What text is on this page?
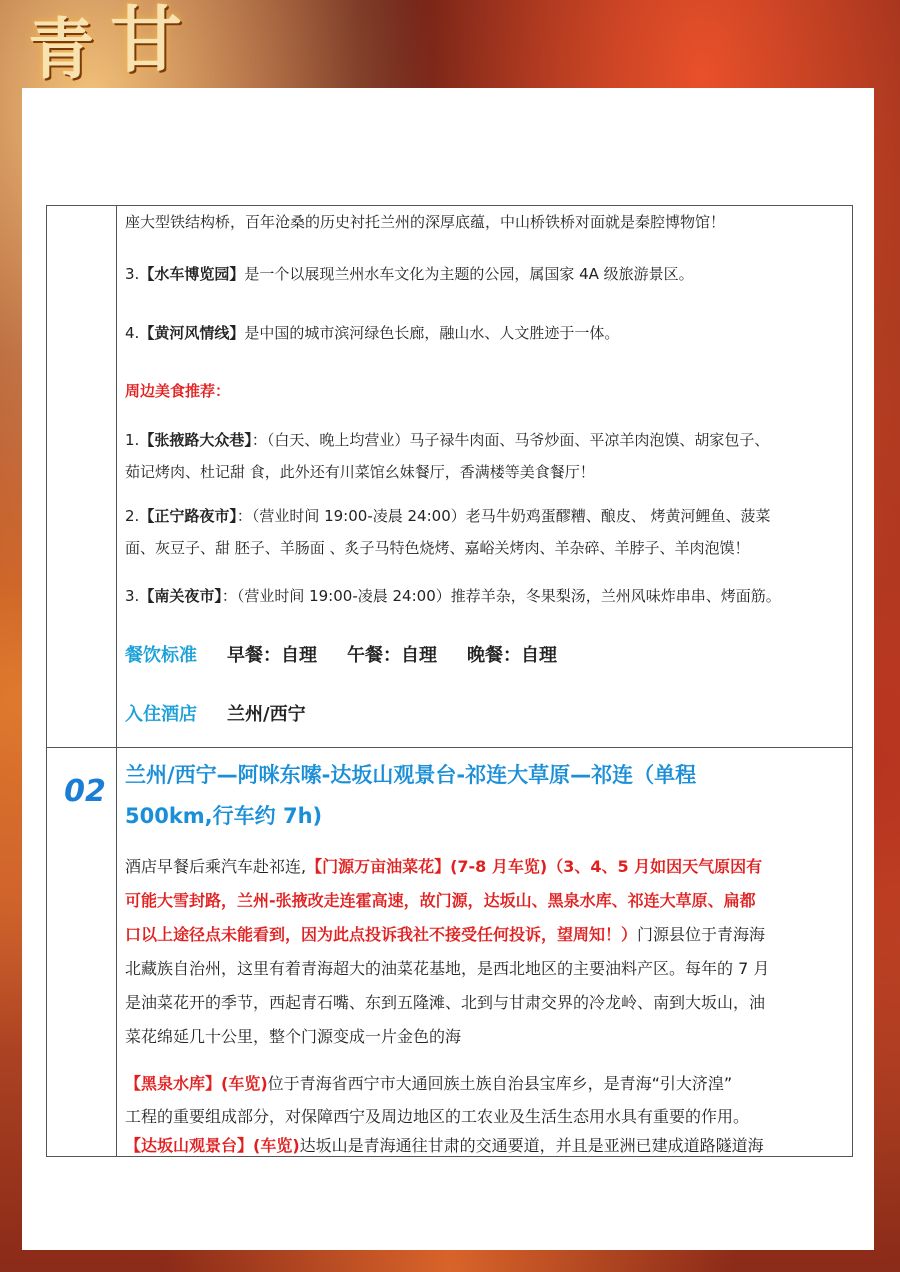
青 甘
座大型铁结构桥，百年沧桑的历史衬托兰州的深厚底蕴，中山桥铁桥对面就是秦腔博物馆！
3.【水车博览园】是一个以展现兰州水车文化为主题的公园，属国家 4A 级旅游景区。
4.【黄河风情线】是中国的城市滨河绿色长廊，融山水、人文胜迹于一体。
周边美食推荐：
1.【张掖路大众巷】：（白天、晚上均营业）马子禄牛肉面、马爷炒面、平凉羊肉泡馍、胡家包子、
茹记烤肉、杜记甜 食，此外还有川菜馆幺妹餐厅，香满楼等美食餐厅！
2.【正宁路夜市】：（营业时间 19:00-凌晨 24:00）老马牛奶鸡蛋醪糟、酿皮、 烤黄河鲤鱼、菠菜
面、灰豆子、甜 胚子、羊肠面 、炙子马特色烧烤、嘉峪关烤肉、羊杂碎、羊脖子、羊肉泡馍！
3.【南关夜市】：（营业时间 19:00-凌晨 24:00）推荐羊杂，冬果梨汤，兰州风味炸串串、烤面筋。
餐饮标准 早餐：自理 午餐：自理 晚餐：自理
入住酒店 兰州/西宁
02 兰州/西宁—阿咪东嗦-达坂山观景台-祁连大草原—祁连（单程
500km,行车约 7h)
酒店早餐后乘汽车赴祁连,【门源万亩油菜花】(7-8 月车览)（3、4、5 月如因天气原因有
可能大雪封路，兰州-张掖改走连霍高速，故门源，达坂山、黑泉水库、祁连大草原、扁都
口以上途径点未能看到，因为此点投诉我社不接受任何投诉，望周知！）门源县位于青海海
北藏族自治州，这里有着青海超大的油菜花基地，是西北地区的主要油料产区。每年的 7 月
是油菜花开的季节，西起青石嘴、东到五隆滩、北到与甘肃交界的冷龙岭、南到大坂山，油
菜花绵延几十公里，整个门源变成一片金色的海
【黑泉水库】(车览)位于青海省西宁市大通回族土族自治县宝库乡，是青海“引大济湟”
工程的重要组成部分，对保障西宁及周边地区的工农业及生活生态用水具有重要的作用。
【达坂山观景台】(车览)达坂山是青海通往甘肃的交通要道，并且是亚洲已建成道路隧道海
